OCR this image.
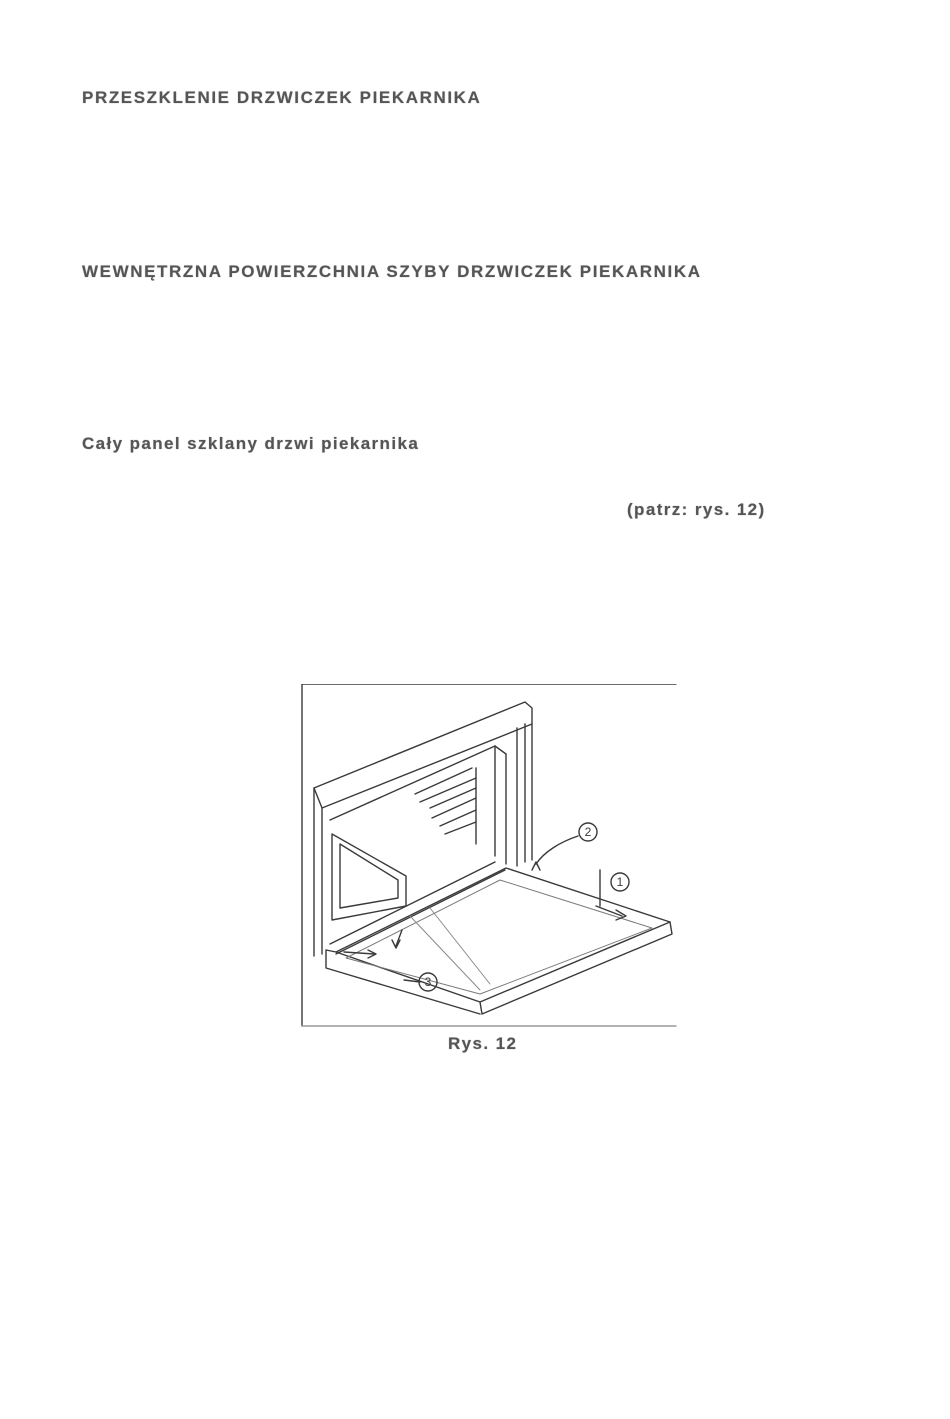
PRZESZKLENIE DRZWICZEK PIEKARNIKA
WEWNĘTRZNA POWIERZCHNIA SZYBY DRZWICZEK PIEKARNIKA
Cały panel szklany drzwi piekarnika
(patrz: rys. 12)
2
1
3
Rys. 12
